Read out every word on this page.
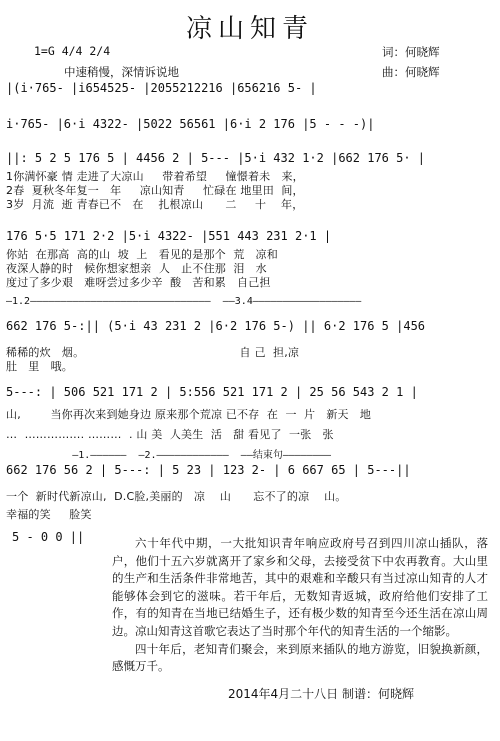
凉山知青
1=G 4/4 2/4
中速稍慢，深情诉说地
词：何晓辉
曲：何晓辉
|(i·765- |i654525- |2055212216 |656216 5- |
i·765- |6·i 4322- |5022 56561 |6·i 2 176 |5 - - -)|
||: 5 2 5 176 5 | 4456 2 | 5--- |5·i 432 1·2 |662 176 5· |
1你满怀豪 情 走进了大凉山     带着希望     憧憬着未   来，
2春  夏秋冬年复一   年     凉山知青     忙碌在 地里田  间，
3岁  月流  逝 青春已不   在    扎根凉山      二     十    年，
176 5·5 171 2·2 |5·i 4322- |551 443 231 2·1 |
你站  在那高  高的山  坡  上   看见的是那个  荒   凉和
夜深人静的时   候你想家想亲  人   止不住那  泪   水
度过了多少艰   难呀尝过多少辛  酸   苦和累   自己担
—1.2——————————————————————————————  ——3.4——————————————————
662 176 5-:|| (5·i 43 231 2 |6·2 176 5-) || 6·2 176 5 |456
稀稀的炊   烟。                                          自 己  担,凉
肚   里   哦。
5---: | 506 521 171 2 | 5:556 521 171 2 | 25 56 543 2 1 |
山,        当你再次来到她身边 原来那个荒凉 已不存  在  一  片   新天   地
…  ……………. ………  . 山 美  人美生  活   甜 看见了  一张   张
—1.——————  —2.————————————  ——结束句————————
662 176 56 2 | 5---: | 5 23 | 123 2- | 6 667 65 | 5---||
一个  新时代新凉山,  D.C脸,美丽的   凉    山      忘不了的凉    山。
幸福的笑     脸笑
5 - 0 0 ||	六十年代中期，一大批知识青年响应政府号召到四川凉山插队，落户，他们十五六岁就离开了家乡和父母，去接受贫下中农再教育。大山里的生产和生活条件非常地苦，其中的艰难和辛酸只有当过凉山知青的人才能够体会到它的滋味。若干年后，无数知青返城，政府给他们安排了工作，有的知青在当地已结婚生子，还有极少数的知青至今还生活在凉山周边。凉山知青这首歌它表达了当时那个年代的知青生活的一个缩影。

四十年后，老知青们聚会，来到原来插队的地方游览，旧貌换新颜，感慨万千。

2014年4月二十八日 制谱：何晓辉
